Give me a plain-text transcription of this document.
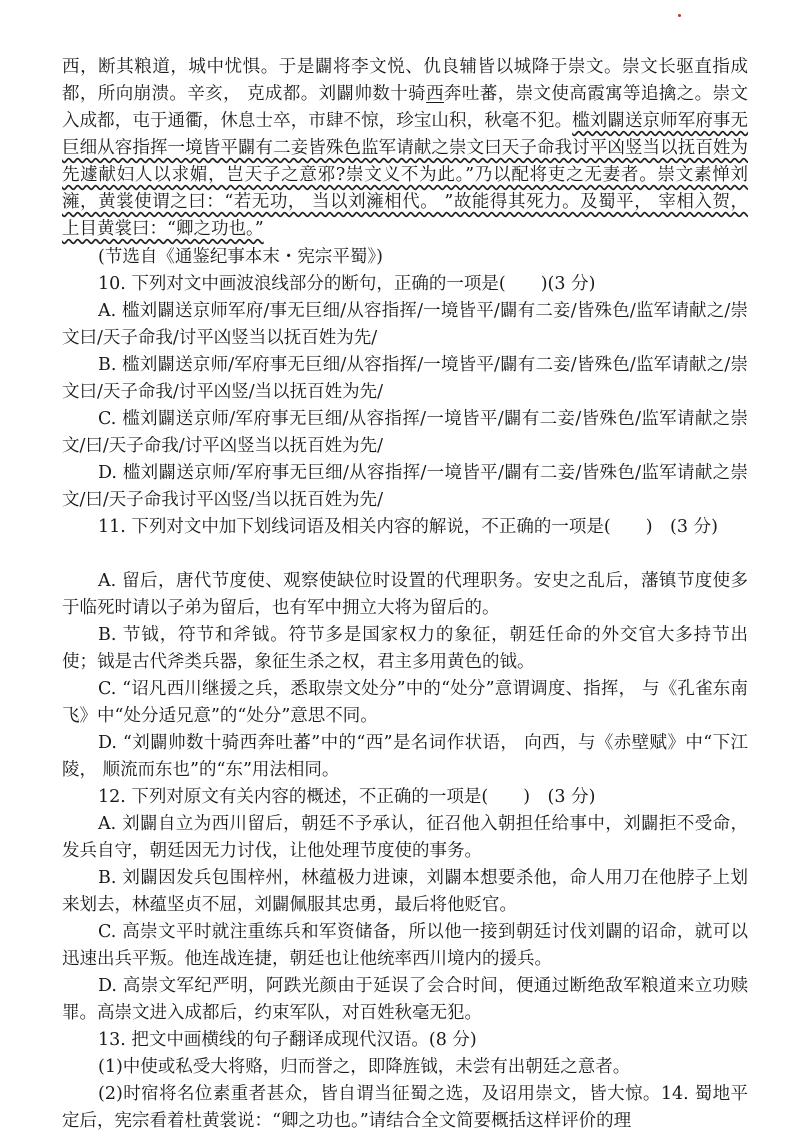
西，断其粮道，城中忧惧。于是闢将李文悦、仇良辅皆以城降于崇文。崇文长驱直指成都，所向崩溃。辛亥， 克成都。刘闢帅数十骑西奔吐蕃，崇文使高霞寓等追擒之。崇文入成都，屯于通衢，休息士卒，市肆不惊，珍宝山积，秋毫不犯。槛刘闢送京师军府事无巨细从容指挥一境皆平闢有二妾皆殊色监军请献之崇文曰天子命我讨平凶竖当以抚百姓为先遽献妇人以求媚，岂天子之意邪?崇文义不为此。”乃以配将吏之无妻者。崇文素惮刘澭，黄裳使谓之曰：“若无功， 当以刘澭相代。 ”故能得其死力。及蜀平， 宰相入贺， 上目黄裳曰：“卿之功也。”

(节选自《通鉴纪事本末・宪宗平蜀》)

10. 下列对文中画波浪线部分的断句，正确的一项是(　　)(3 分)

A. 槛刘闢送京师军府/事无巨细/从容指挥/一境皆平/闢有二妾/皆殊色/监军请献之/崇文曰/天子命我/讨平凶竖当以抚百姓为先/

B. 槛刘闢送京师/军府事无巨细/从容指挥/一境皆平/闢有二妾/皆殊色/监军请献之/崇文曰/天子命我/讨平凶竖/当以抚百姓为先/

C. 槛刘闢送京师/军府事无巨细/从容指挥/一境皆平/闢有二妾/皆殊色/监军请献之崇文/曰/天子命我/讨平凶竖当以抚百姓为先/

D. 槛刘闢送京师/军府事无巨细/从容指挥/一境皆平/闢有二妾/皆殊色/监军请献之崇文/曰/天子命我讨平凶竖/当以抚百姓为先/

11. 下列对文中加下划线词语及相关内容的解说，不正确的一项是(　　)　(3 分)

A. 留后，唐代节度使、观察使缺位时设置的代理职务。安史之乱后，藩镇节度使多于临死时请以子弟为留后，也有军中拥立大将为留后的。

B. 节钺，符节和斧钺。符节多是国家权力的象征，朝廷任命的外交官大多持节出使；钺是古代斧类兵器，象征生杀之权，君主多用黄色的钺。

C. “诏凡西川继援之兵，悉取崇文处分”中的“处分”意谓调度、指挥， 与《孔雀东南飞》中“处分适兄意”的“处分”意思不同。

D. “刘闢帅数十骑西奔吐蕃”中的“西”是名词作状语， 向西，与《赤壁赋》中“下江陵， 顺流而东也”的“东”用法相同。

12. 下列对原文有关内容的概述，不正确的一项是(　　)　(3 分)

A. 刘闢自立为西川留后，朝廷不予承认，征召他入朝担任给事中，刘闢拒不受命，发兵自守，朝廷因无力讨伐，让他处理节度使的事务。

B. 刘闢因发兵包围梓州，林蕴极力进谏，刘闢本想要杀他，命人用刀在他脖子上划来划去，林蕴坚贞不屈，刘闢佩服其忠勇，最后将他贬官。

C. 高崇文平时就注重练兵和军资储备，所以他一接到朝廷讨伐刘闢的诏命，就可以迅速出兵平叛。他连战连捷，朝廷也让他统率西川境内的援兵。

D. 高崇文军纪严明，阿跌光颜由于延误了会合时间，便通过断绝敌军粮道来立功赎罪。高崇文进入成都后，约束军队，对百姓秋毫无犯。

13. 把文中画横线的句子翻译成现代汉语。(8 分)

(1)中使或私受大将赂，归而誉之，即降旌钺，未尝有出朝廷之意者。

(2)时宿将名位素重者甚众，皆自谓当征蜀之选，及诏用崇文，皆大惊。14. 蜀地平定后，宪宗看着杜黄裳说：“卿之功也。”请结合全文简要概括这样评价的理
